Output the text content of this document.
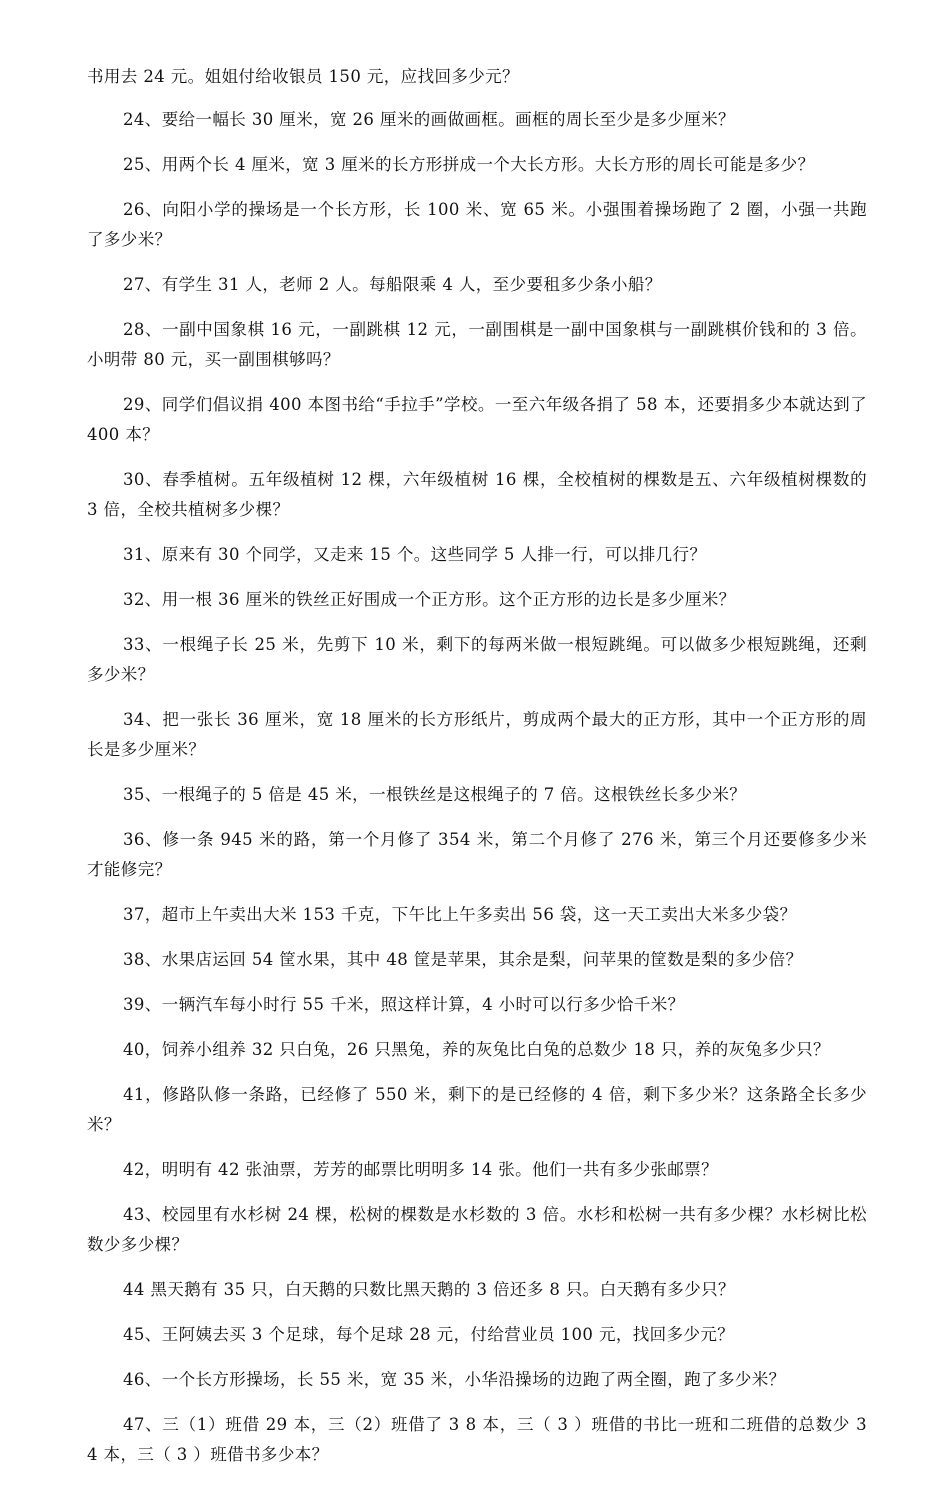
书用去 24 元。姐姐付给收银员 150 元，应找回多少元？

24、要给一幅长 30 厘米，宽 26 厘米的画做画框。画框的周长至少是多少厘米？

25、用两个长 4 厘米，宽 3 厘米的长方形拼成一个大长方形。大长方形的周长可能是多少？

26、向阳小学的操场是一个长方形，长 100 米、宽 65 米。小强围着操场跑了 2 圈，小强一共跑了多少米？

27、有学生 31 人，老师 2 人。每船限乘 4 人，至少要租多少条小船？

28、一副中国象棋 16 元，一副跳棋 12 元，一副围棋是一副中国象棋与一副跳棋价钱和的 3 倍。小明带 80 元，买一副围棋够吗？

29、同学们倡议捐 400 本图书给“手拉手”学校。一至六年级各捐了 58 本，还要捐多少本就达到了 400 本？

30、春季植树。五年级植树 12 棵，六年级植树 16 棵，全校植树的棵数是五、六年级植树棵数的 3 倍，全校共植树多少棵？

31、原来有 30 个同学，又走来 15 个。这些同学 5 人排一行，可以排几行？

32、用一根 36 厘米的铁丝正好围成一个正方形。这个正方形的边长是多少厘米？

33、一根绳子长 25 米，先剪下 10 米，剩下的每两米做一根短跳绳。可以做多少根短跳绳，还剩多少米？

34、把一张长 36 厘米，宽 18 厘米的长方形纸片，剪成两个最大的正方形，其中一个正方形的周长是多少厘米？

35、一根绳子的 5 倍是 45 米，一根铁丝是这根绳子的 7 倍。这根铁丝长多少米？

36、修一条 945 米的路，第一个月修了 354 米，第二个月修了 276 米，第三个月还要修多少米才能修完？

37，超市上午卖出大米 153 千克，下午比上午多卖出 56 袋，这一天工卖出大米多少袋？

38、水果店运回 54 筐水果，其中 48 筐是苹果，其余是梨，问苹果的筐数是梨的多少倍？

39、一辆汽车每小时行 55 千米，照这样计算，4 小时可以行多少恰千米？

40，饲养小组养 32 只白兔，26 只黑兔，养的灰兔比白兔的总数少 18 只，养的灰兔多少只？

41，修路队修一条路，已经修了 550 米，剩下的是已经修的 4 倍，剩下多少米？这条路全长多少米？

42，明明有 42 张油票，芳芳的邮票比明明多 14 张。他们一共有多少张邮票？

43、校园里有水杉树 24 棵，松树的棵数是水杉数的 3 倍。水杉和松树一共有多少棵？水杉树比松数少多少棵？

44 黑天鹅有 35 只，白天鹅的只数比黑天鹅的 3 倍还多 8 只。白天鹅有多少只？

45、王阿姨去买 3 个足球，每个足球 28 元，付给营业员 100 元，找回多少元？

46、一个长方形操场，长 55 米，宽 35 米，小华沿操场的边跑了两全圈，跑了多少米？

47、三（1）班借 29 本，三（2）班借了 3 8 本，三（ 3 ）班借的书比一班和二班借的总数少 3 4 本，三（ 3 ）班借书多少本？
